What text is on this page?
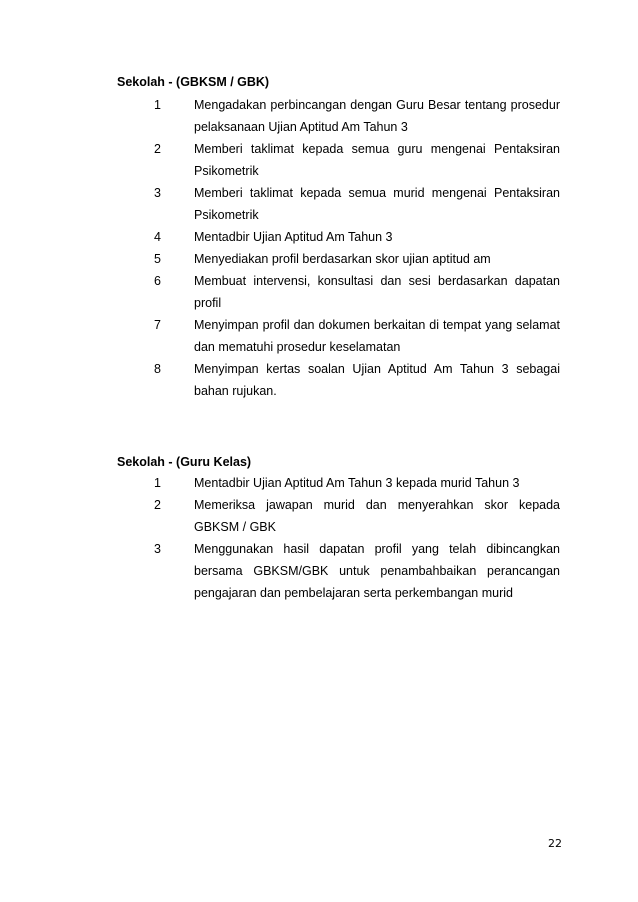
Sekolah - (GBKSM / GBK)
1	Mengadakan perbincangan dengan Guru Besar tentang prosedur pelaksanaan Ujian Aptitud Am Tahun 3
2	Memberi taklimat kepada semua guru mengenai Pentaksiran Psikometrik
3	Memberi taklimat kepada semua murid mengenai Pentaksiran Psikometrik
4	Mentadbir Ujian Aptitud Am Tahun 3
5	Menyediakan profil berdasarkan skor ujian aptitud am
6	Membuat intervensi, konsultasi dan sesi berdasarkan dapatan profil
7	Menyimpan profil dan dokumen berkaitan di tempat yang selamat dan mematuhi prosedur keselamatan
8	Menyimpan kertas soalan Ujian Aptitud Am Tahun 3 sebagai bahan rujukan.
Sekolah - (Guru Kelas)
1	Mentadbir Ujian Aptitud Am Tahun 3 kepada murid Tahun 3
2	Memeriksa jawapan murid dan menyerahkan skor kepada GBKSM / GBK
3	Menggunakan hasil dapatan profil yang telah dibincangkan bersama GBKSM/GBK untuk penambahbaikan perancangan pengajaran dan pembelajaran serta perkembangan murid
22
